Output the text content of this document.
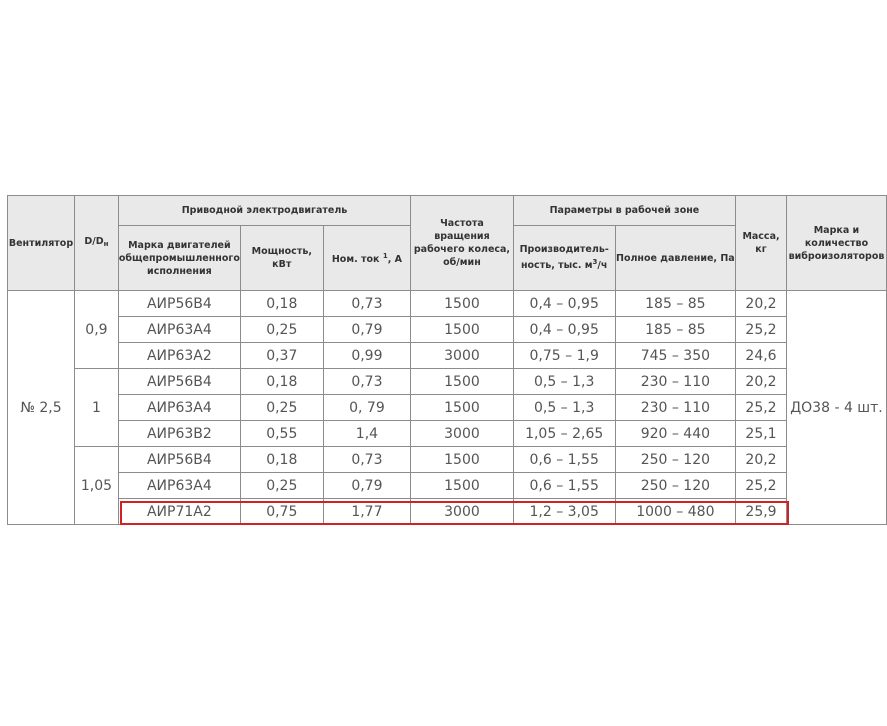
Вентилятор	$D/D_н$	Приводной электродвигатель			Частота вращения рабочего колеса, об/мин	Параметры в рабочей зоне		Масса, кг	Марка и количество виброизоляторов
		Марка двигателей общепромышленного исполнения	Мощность, кВт	Ном. ток $^1$, А		Производитель-ность, тыс. $м^3/ч$	Полное давление, Па		
№ 2,5	0,9	АИР56В4	0,18	0,73	1500	0,4 – 0,95	185 – 85	20,2	ДО38 - 4 шт.
		АИР63А4	0,25	0,79	1500	0,4 – 0,95	185 – 85	25,2	
		АИР63А2	0,37	0,99	3000	0,75 – 1,9	745 – 350	24,6	
	1	АИР56В4	0,18	0,73	1500	0,5 – 1,3	230 – 110	20,2	
		АИР63А4	0,25	0, 79	1500	0,5 – 1,3	230 – 110	25,2	
		АИР63В2	0,55	1,4	3000	1,05 – 2,65	920 – 440	25,1	
	1,05	АИР56В4	0,18	0,73	1500	0,6 – 1,55	250 – 120	20,2	
		АИР63А4	0,25	0,79	1500	0,6 – 1,55	250 – 120	25,2	
		АИР71А2	0,75	1,77	3000	1,2 – 3,05	1000 – 480	25,9	
